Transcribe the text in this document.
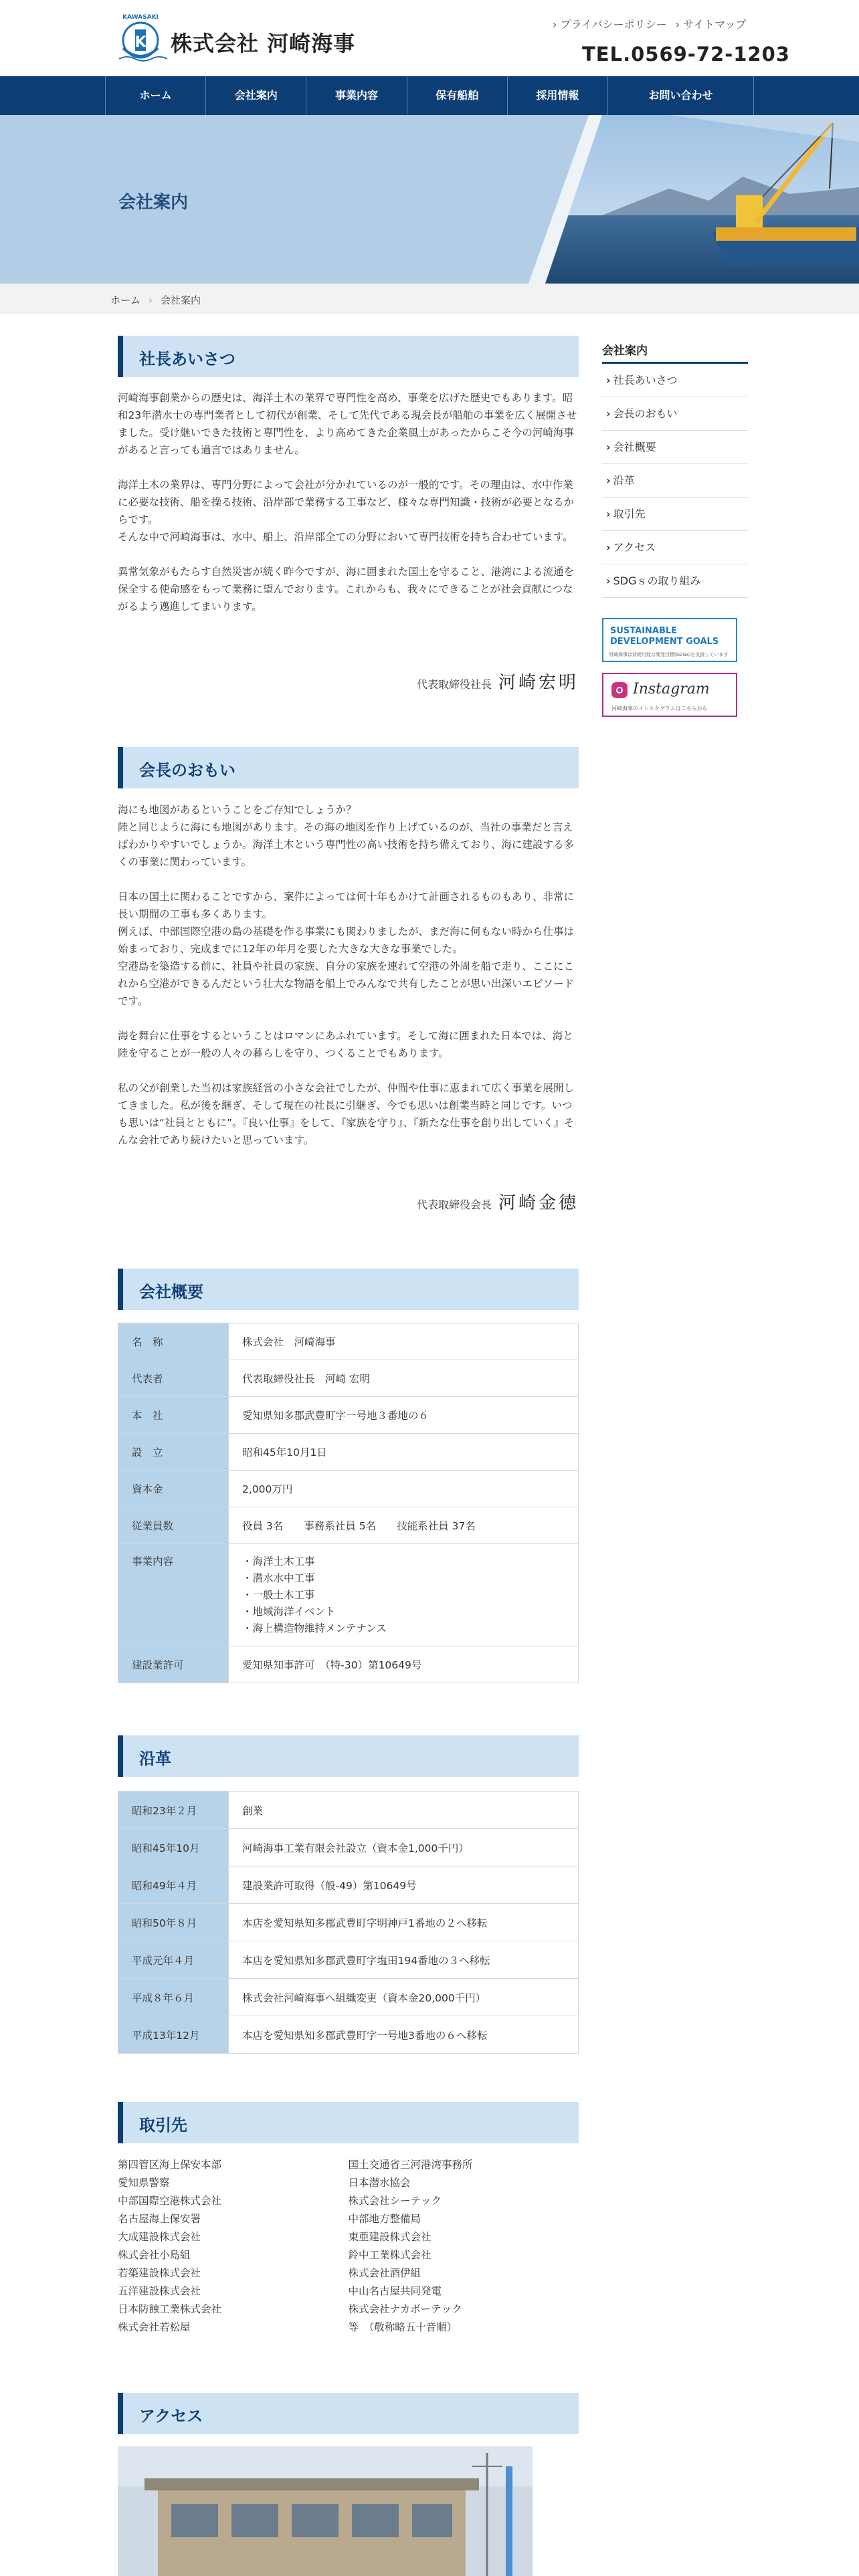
KAWASAKI
K 株式会社 河崎海事
› プライバシーポリシー › サイトマップ
TEL.0569-72-1203
ホーム	会社案内	事業内容	保有船舶	採用情報	お問い合わせ
会社案内
ホーム › 会社案内
社長あいさつ

河崎海事創業からの歴史は、海洋土木の業界で専門性を高め、事業を広げた歴史でもあります。昭和23年潜水士の専門業者として初代が創業、そして先代である現会長が船舶の事業を広く展開させました。受け継いできた技術と専門性を、より高めてきた企業風土があったからこそ今の河崎海事があると言っても過言ではありません。

海洋土木の業界は、専門分野によって会社が分かれているのが一般的です。その理由は、水中作業に必要な技術、船を操る技術、沿岸部で業務する工事など、様々な専門知識・技術が必要となるからです。
そんな中で河崎海事は、水中、船上、沿岸部全ての分野において専門技術を持ち合わせています。

異常気象がもたらす自然災害が続く昨今ですが、海に囲まれた国土を守ること、港湾による流通を保全する使命感をもって業務に望んでおります。これからも、我々にできることが社会貢献につながるよう邁進してまいります。

代表取締役社長 河崎宏明
会長のおもい

海にも地図があるということをご存知でしょうか？
陸と同じように海にも地図があります。その海の地図を作り上げているのが、当社の事業だと言えばわかりやすいでしょうか。海洋土木という専門性の高い技術を持ち備えており、海に建設する多くの事業に関わっています。

日本の国土に関わることですから、案件によっては何十年もかけて計画されるものもあり、非常に長い期間の工事も多くあります。
例えば、中部国際空港の島の基礎を作る事業にも関わりましたが、まだ海に何もない時から仕事は始まっており、完成までに12年の年月を要した大きな大きな事業でした。
空港島を築造する前に、社員や社員の家族、自分の家族を連れて空港の外周を船で走り、ここにこれから空港ができるんだという壮大な物語を船上でみんなで共有したことが思い出深いエピソードです。

海を舞台に仕事をするということはロマンにあふれています。そして海に囲まれた日本では、海と陸を守ることが一般の人々の暮らしを守り、つくることでもあります。

私の父が創業した当初は家族経営の小さな会社でしたが、仲間や仕事に恵まれて広く事業を展開してきました。私が後を継ぎ、そして現在の社長に引継ぎ、今でも思いは創業当時と同じです。いつも思いは“社員とともに”。『良い仕事』をして、『家族を守り』、『新たな仕事を創り出していく』そんな会社であり続けたいと思っています。

代表取締役会長 河崎金徳
会社概要
名　称	株式会社　河崎海事
代表者	代表取締役社長　河崎 宏明
本　社	愛知県知多郡武豊町字一号地３番地の６
設　立	昭和45年10月1日
資本金	2,000万円
従業員数	役員 3名　　事務系社員 5名　　技能系社員 37名
事業内容	・海洋土木工事
・潜水水中工事
・一般土木工事
・地域海洋イベント
・海上構造物維持メンテナンス
建設業許可	愛知県知事許可　（特-30）第10649号
沿革
昭和23年２月	創業
昭和45年10月	河崎海事工業有限会社設立（資本金1,000千円）
昭和49年４月	建設業許可取得（般-49）第10649号
昭和50年８月	本店を愛知県知多郡武豊町字明神戸1番地の２へ移転
平成元年４月	本店を愛知県知多郡武豊町字塩田194番地の３へ移転
平成８年６月	株式会社河崎海事へ組織変更（資本金20,000千円）
平成13年12月	本店を愛知県知多郡武豊町字一号地3番地の６へ移転
取引先
第四管区海上保安本部
愛知県警察
中部国際空港株式会社
名古屋海上保安署
大成建設株式会社
株式会社小島組
若築建設株式会社
五洋建設株式会社
日本防蝕工業株式会社
株式会社若松屋
国土交通省三河港湾事務所
日本潜水協会
株式会社シーテック
中部地方整備局
東亜建設株式会社
鈴中工業株式会社
株式会社酒伊組
中山名古屋共同発電
株式会社ナカボーテック
等　（敬称略五十音順）
アクセス
会社案内
› 社長あいさつ
› 会長のおもい
› 会社概要
› 沿革
› 取引先
› アクセス
› SDGｓの取り組み
SUSTAINABLE DEVELOPMENT GOALS
河崎海事は持続可能な開発目標(SDGs)を支援しています
Instagram
河崎海事のインスタグラムはこちらから
